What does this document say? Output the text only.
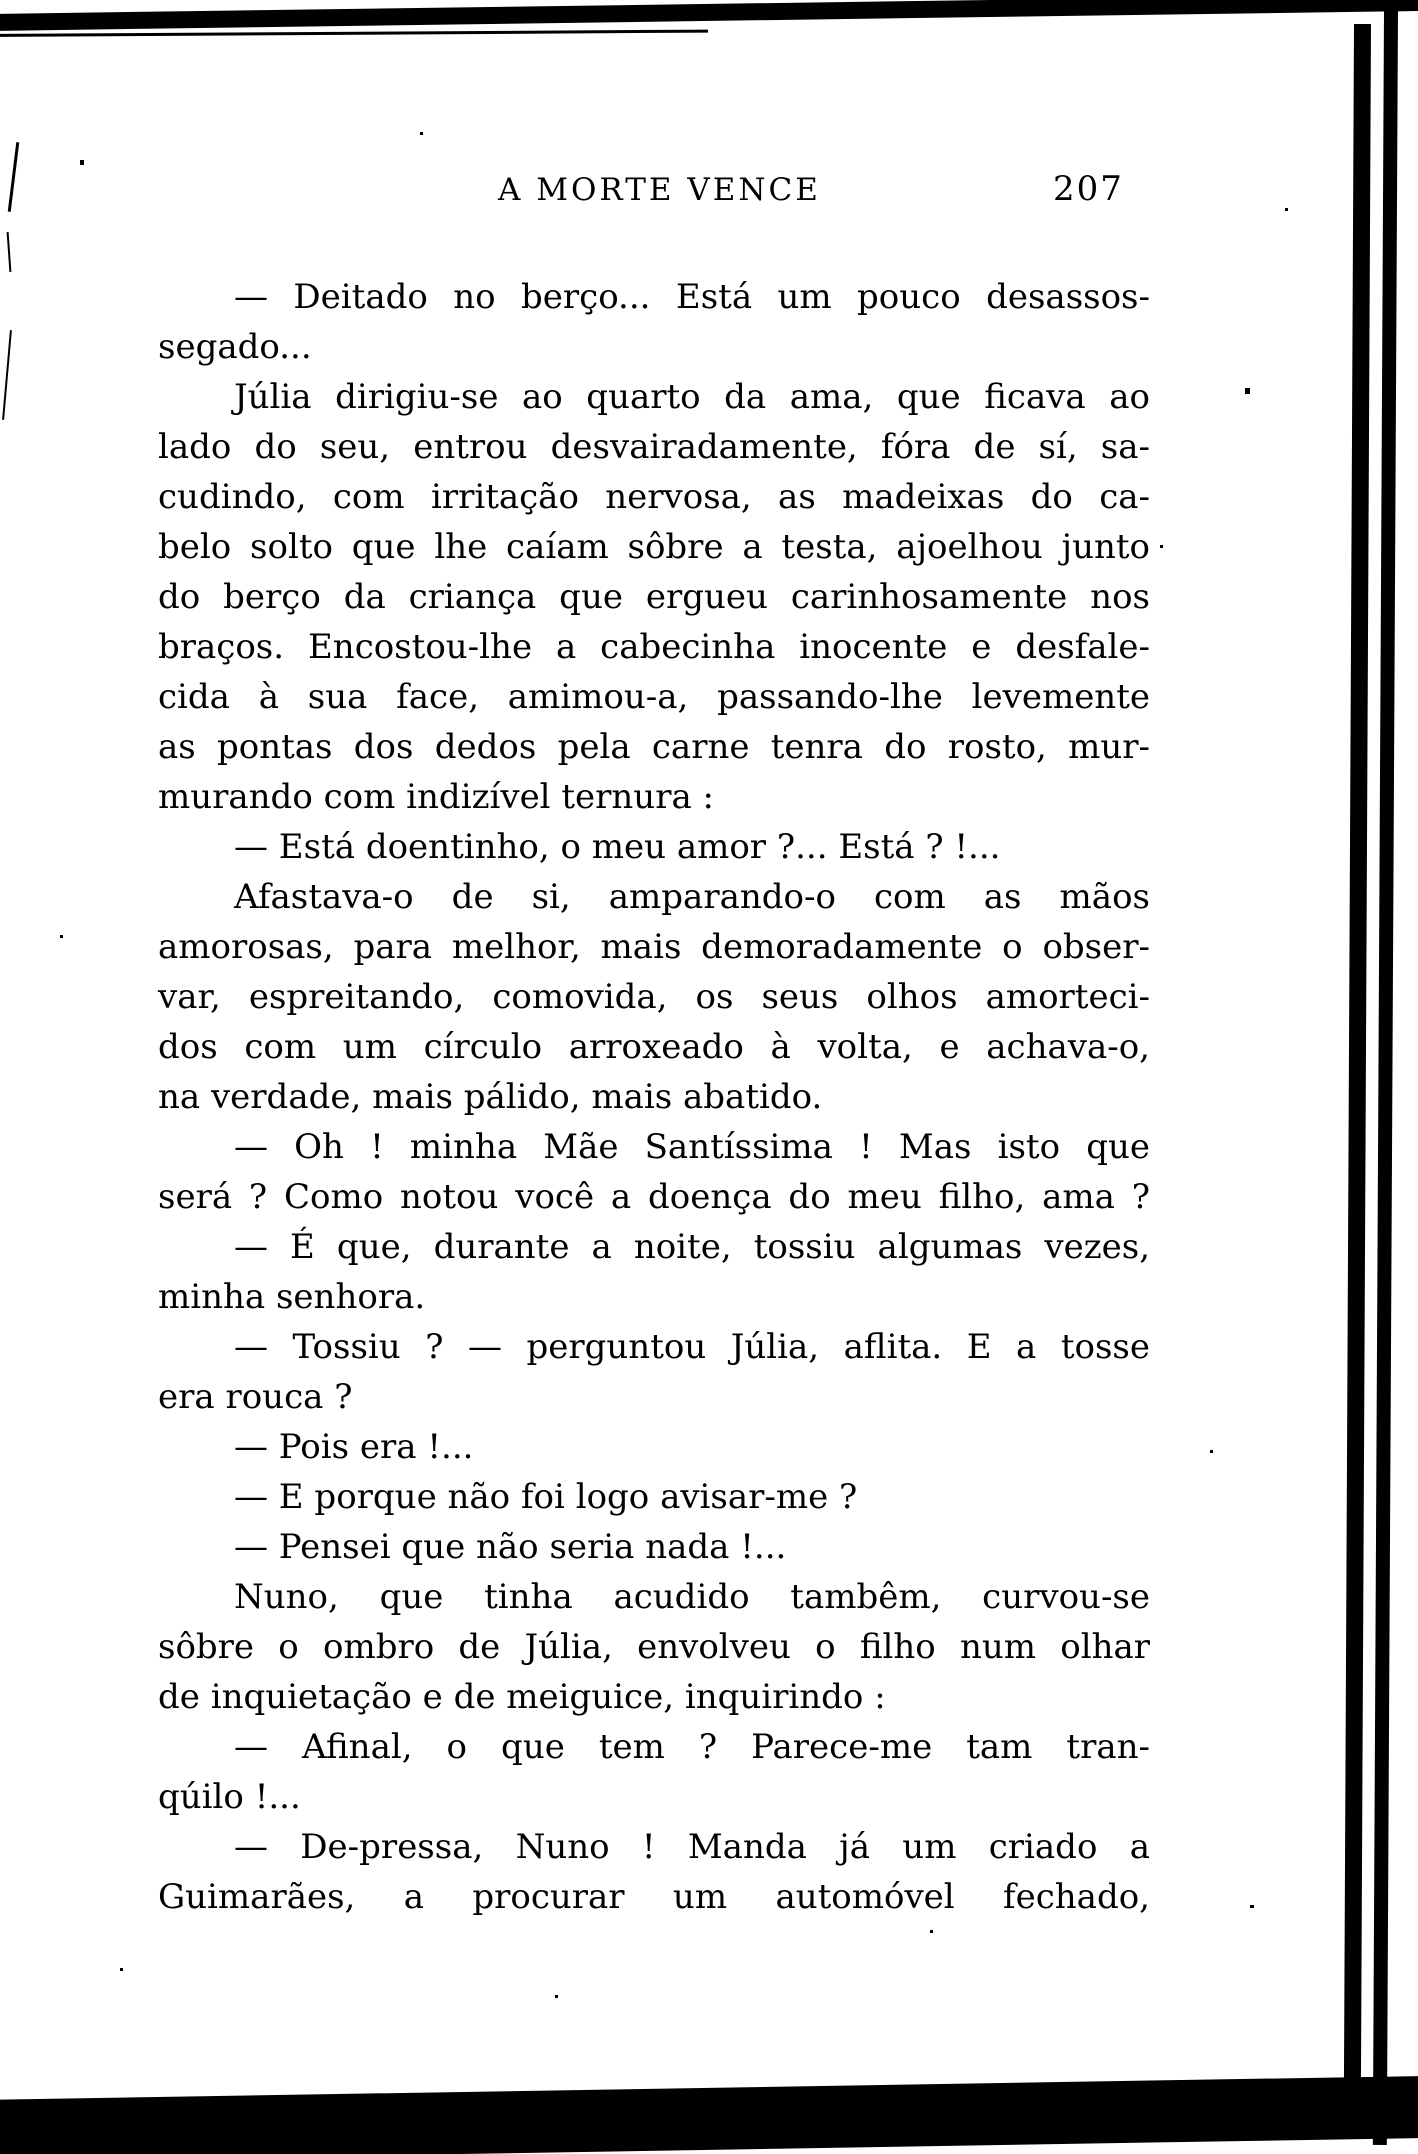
A MORTE VENCE	207
— Deitado no berço... Está um pouco desassos-
segado...
Júlia dirigiu-se ao quarto da ama, que ficava ao
lado do seu, entrou desvairadamente, fóra de sí, sa-
cudindo, com irritação nervosa, as madeixas do ca-
belo solto que lhe caíam sôbre a testa, ajoelhou junto
do berço da criança que ergueu carinhosamente nos
braços. Encostou-lhe a cabecinha inocente e desfale-
cida à sua face, amimou-a, passando-lhe levemente
as pontas dos dedos pela carne tenra do rosto, mur-
murando com indizível ternura :
— Está doentinho, o meu amor ?... Está ? !...
Afastava-o de si, amparando-o com as mãos
amorosas, para melhor, mais demoradamente o obser-
var, espreitando, comovida, os seus olhos amorteci-
dos com um círculo arroxeado à volta, e achava-o,
na verdade, mais pálido, mais abatido.
— Oh ! minha Mãe Santíssima ! Mas isto que
será ? Como notou você a doença do meu filho, ama ?
— É que, durante a noite, tossiu algumas vezes,
minha senhora.
— Tossiu ? — perguntou Júlia, aflita. E a tosse
era rouca ?
— Pois era !...
— E porque não foi logo avisar-me ?
— Pensei que não seria nada !...
Nuno, que tinha acudido tambêm, curvou-se
sôbre o ombro de Júlia, envolveu o filho num olhar
de inquietação e de meiguice, inquirindo :
— Afinal, o que tem ? Parece-me tam tran-
qúilo !...
— De-pressa, Nuno ! Manda já um criado a
Guimarães, a procurar um automóvel fechado,
